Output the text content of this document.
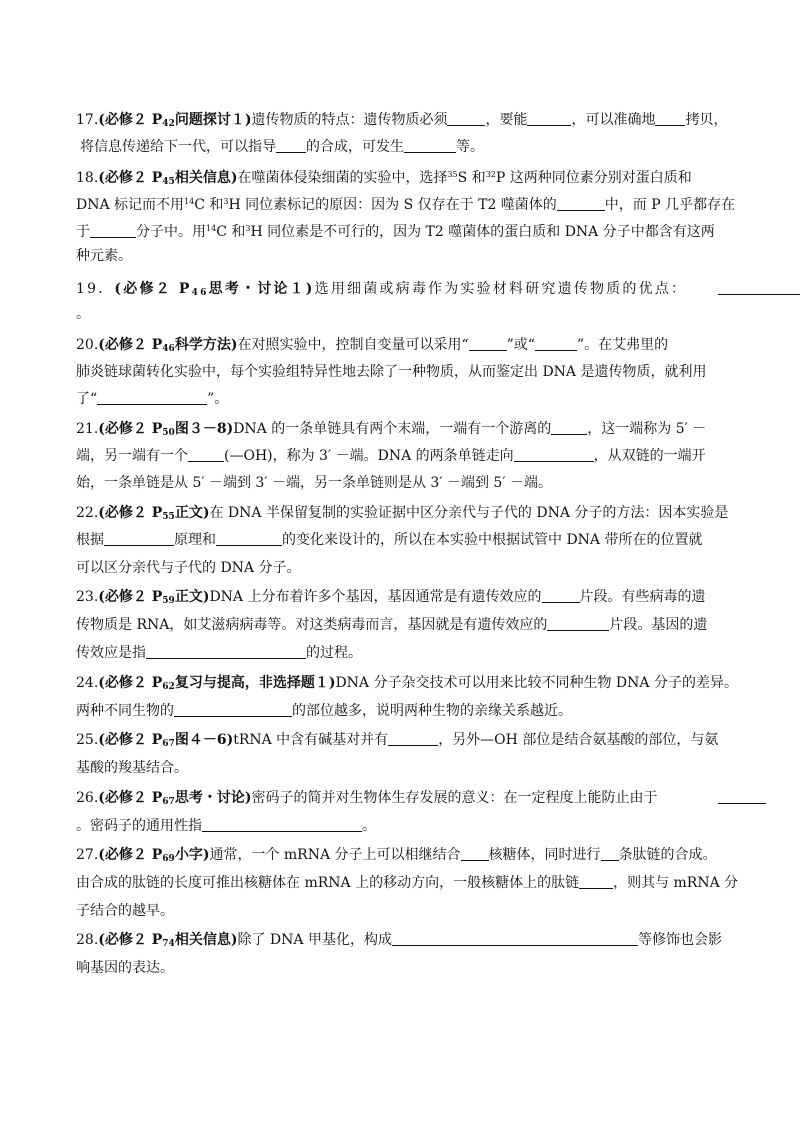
17.(必修２ $P_{42}$问题探讨１)遗传物质的特点：遗传物质必须	，要能	，可以准确地 拷贝，
将信息传递给下一代，可以指导 的合成，可发生	等。
18.(必修２ $P_{45}$相关信息)在噬菌体侵染细菌的实验中，选择$^{35}$S 和$^{32}$P 这两种同位素分别对蛋白质和
DNA 标记而不用$^{14}$C 和$^3$H 同位素标记的原因：因为 S 仅存在于 T2 噬菌体的	中，而 P 几乎都存在
于	分子中。用$^{14}$C 和$^3$H 同位素是不可行的，因为 T2 噬菌体的蛋白质和 DNA 分子中都含有这两
种元素。
19．(必修２ $P_{46}$思考・讨论１)选用细菌或病毒作为实验材料研究遗传物质的优点：
。
20.(必修２ $P_{46}$科学方法)在对照实验中，控制自变量可以采用“	”或“	”。在艾弗里的
肺炎链球菌转化实验中，每个实验组特异性地去除了一种物质，从而鉴定出 DNA 是遗传物质，就利用
了“	”。
21.(必修２ $P_{50}$图３－8)DNA 的一条单链具有两个末端，一端有一个游离的	，这一端称为 5′ －
端，另一端有一个	(—OH)，称为 3′ －端。DNA 的两条单链走向	，从双链的一端开
始，一条单链是从 5′ －端到 3′ －端，另一条单链则是从 3′ －端到 5′ －端。
22.(必修２ $P_{55}$正文)在 DNA 半保留复制的实验证据中区分亲代与子代的 DNA 分子的方法：因本实验是
根据	原理和	的变化来设计的，所以在本实验中根据试管中 DNA 带所在的位置就
可以区分亲代与子代的 DNA 分子。
23.(必修２ $P_{59}$正文)DNA 上分布着许多个基因，基因通常是有遗传效应的	片段。有些病毒的遗
传物质是 RNA，如艾滋病病毒等。对这类病毒而言，基因就是有遗传效应的	片段。基因的遗
传效应是指	的过程。
24.(必修２ $P_{62}$复习与提高，非选择题１)DNA 分子杂交技术可以用来比较不同种生物 DNA 分子的差异。
两种不同生物的	的部位越多，说明两种生物的亲缘关系越近。
25.(必修２ $P_{67}$图４－6)tRNA 中含有碱基对并有	，另外—OH 部位是结合氨基酸的部位，与氨
基酸的羧基结合。
26.(必修２ $P_{67}$思考・讨论)密码子的简并对生物体生存发展的意义：在一定程度上能防止由于
。密码子的通用性指	。
27.(必修２ $P_{69}$小字)通常，一个 mRNA 分子上可以相继结合 核糖体，同时进行 条肽链的合成。
由合成的肽链的长度可推出核糖体在 mRNA 上的移动方向，一般核糖体上的肽链 ，则其与 mRNA 分
子结合的越早。
28.(必修２ $P_{74}$相关信息)除了 DNA 甲基化，构成	等修饰也会影
响基因的表达。
